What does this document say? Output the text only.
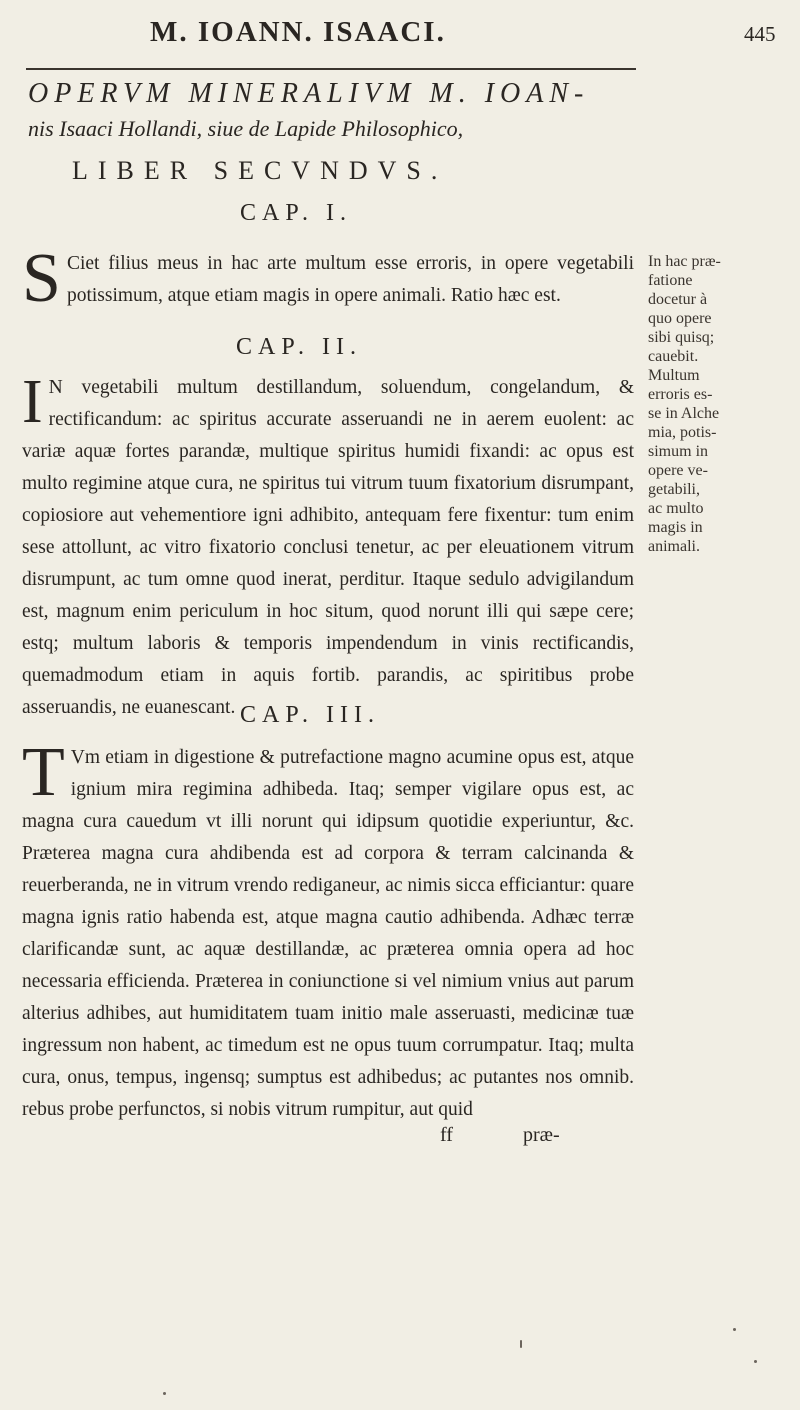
M. IOANN. ISAACI.	445
OPERVM MINERALIVM M. IOAN-
nis Isaaci Hollandi, siue de Lapide Philosophico,
LIBER SECVNDVS.
CAP. I.
S Ciet filius meus in hac arte multum esse erroris, in opere vegetabili potissimum, atque etiam magis in opere animali. Ratio hæc est.
CAP. II.
I N vegetabili multum destillandum, soluendum, congelandum, & rectificandum: ac spiritus accurate asseruandi ne in aerem euolent: ac variæ aquæ fortes parandæ, multique spiritus humidi fixandi: ac opus est multo regimine atque cura, ne spiritus tui vitrum tuum fixatorium disrumpant, copiosiore aut vehementiore igni adhibito, antequam fere fixentur: tum enim sese attollunt, ac vitro fixatorio conclusi tenetur, ac per eleuationem vitrum disrumpunt, ac tum omne quod inerat, perditur. Itaque sedulo advigilandum est, magnum enim periculum in hoc situm, quod norunt illi qui sæpe cere; estq; multum laboris & temporis impendendum in vinis rectificandis, quemadmodum etiam in aquis fortib. parandis, ac spiritibus probe asseruandis, ne euanescant. CAP. III.
T Vm etiam in digestione & putrefactione magno acumine opus est, atque ignium mira regimina adhibeda. Itaq; semper vigilare opus est, ac magna cura cauedum vt illi norunt qui idipsum quotidie experiuntur, &c. Præterea magna cura ahdibenda est ad corpora & terram calcinanda & reuerberanda, ne in vitrum vrendo rediganeur, ac nimis sicca efficiantur: quare magna ignis ratio habenda est, atque magna cautio adhibenda. Adhæc terræ clarificandæ sunt, ac aquæ destillandæ, ac præterea omnia opera ad hoc necessaria efficienda. Præterea in coniunctione si vel nimium vnius aut parum alterius adhibes, aut humiditatem tuam initio male asseruasti, medicinæ tuæ ingressum non habent, ac timedum est ne opus tuum corrumpatur. Itaq; multa cura, onus, tempus, ingensq; sumptus est adhibedus; ac putantes nos omnib. rebus probe perfunctos, si nobis vitrum rumpitur, aut quid
ff	præ-
In hac præ-
fatione
docetur à
quo opere
sibi quisq;
cauebit.
Multum
erroris es-
se in Alche
mia, potis-
simum in
opere ve-
getabili,
ac multo
magis in
animali.
